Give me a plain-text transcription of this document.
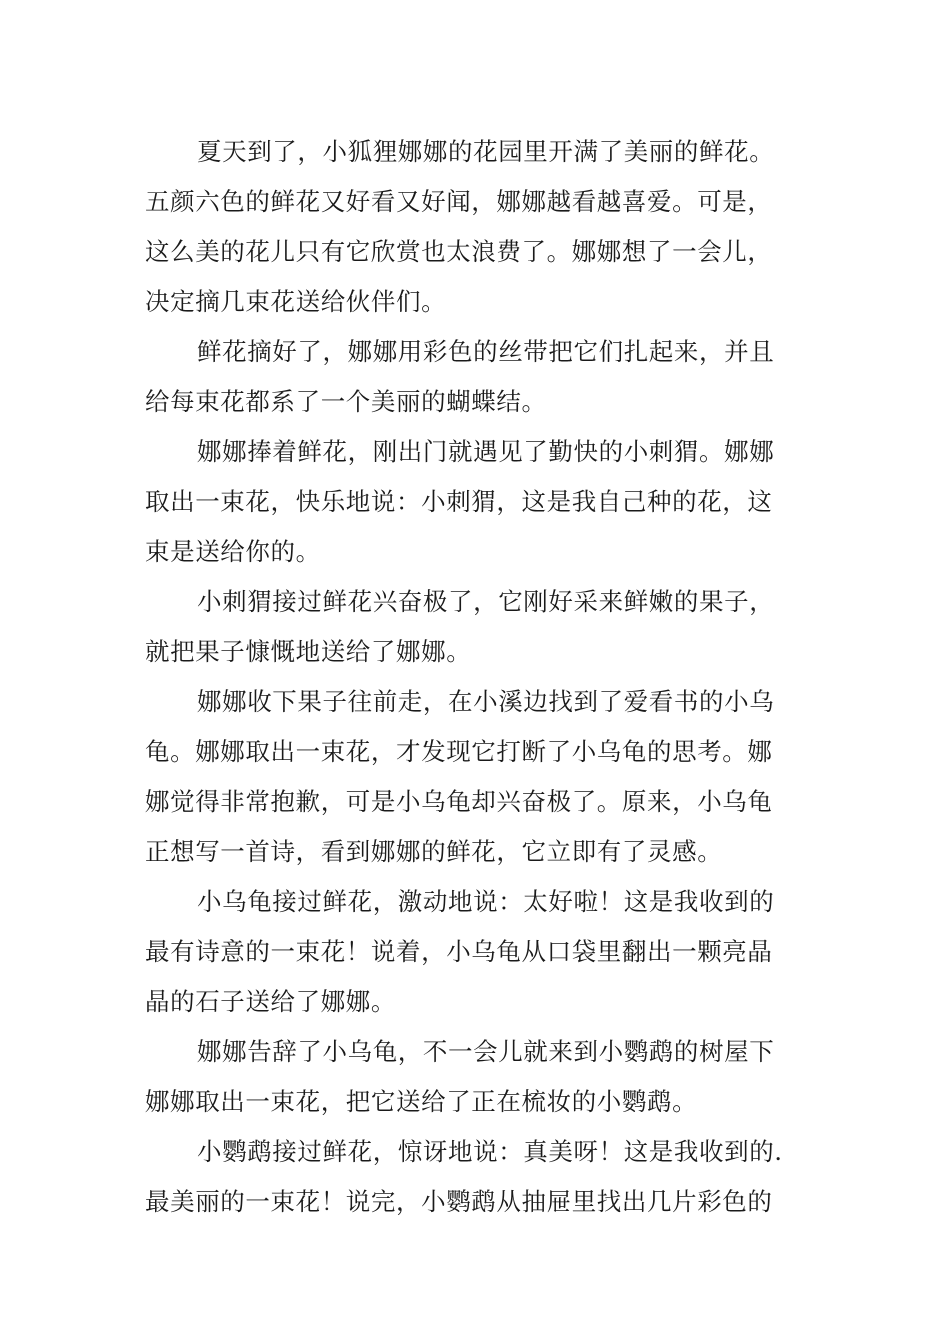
夏天到了，小狐狸娜娜的花园里开满了美丽的鲜花。
五颜六色的鲜花又好看又好闻，娜娜越看越喜爱。可是，
这么美的花儿只有它欣赏也太浪费了。娜娜想了一会儿，
决定摘几束花送给伙伴们。
鲜花摘好了，娜娜用彩色的丝带把它们扎起来，并且
给每束花都系了一个美丽的蝴蝶结。
娜娜捧着鲜花，刚出门就遇见了勤快的小刺猬。娜娜
取出一束花，快乐地说：小刺猬，这是我自己种的花，这
束是送给你的。
小刺猬接过鲜花兴奋极了，它刚好采来鲜嫩的果子，
就把果子慷慨地送给了娜娜。
娜娜收下果子往前走，在小溪边找到了爱看书的小乌
龟。娜娜取出一束花，才发现它打断了小乌龟的思考。娜
娜觉得非常抱歉，可是小乌龟却兴奋极了。原来，小乌龟
正想写一首诗，看到娜娜的鲜花，它立即有了灵感。
小乌龟接过鲜花，激动地说：太好啦！这是我收到的
最有诗意的一束花！说着，小乌龟从口袋里翻出一颗亮晶
晶的石子送给了娜娜。
娜娜告辞了小乌龟，不一会儿就来到小鹦鹉的树屋下
娜娜取出一束花，把它送给了正在梳妆的小鹦鹉。
小鹦鹉接过鲜花，惊讶地说：真美呀！这是我收到的.
最美丽的一束花！说完，小鹦鹉从抽屉里找出几片彩色的
